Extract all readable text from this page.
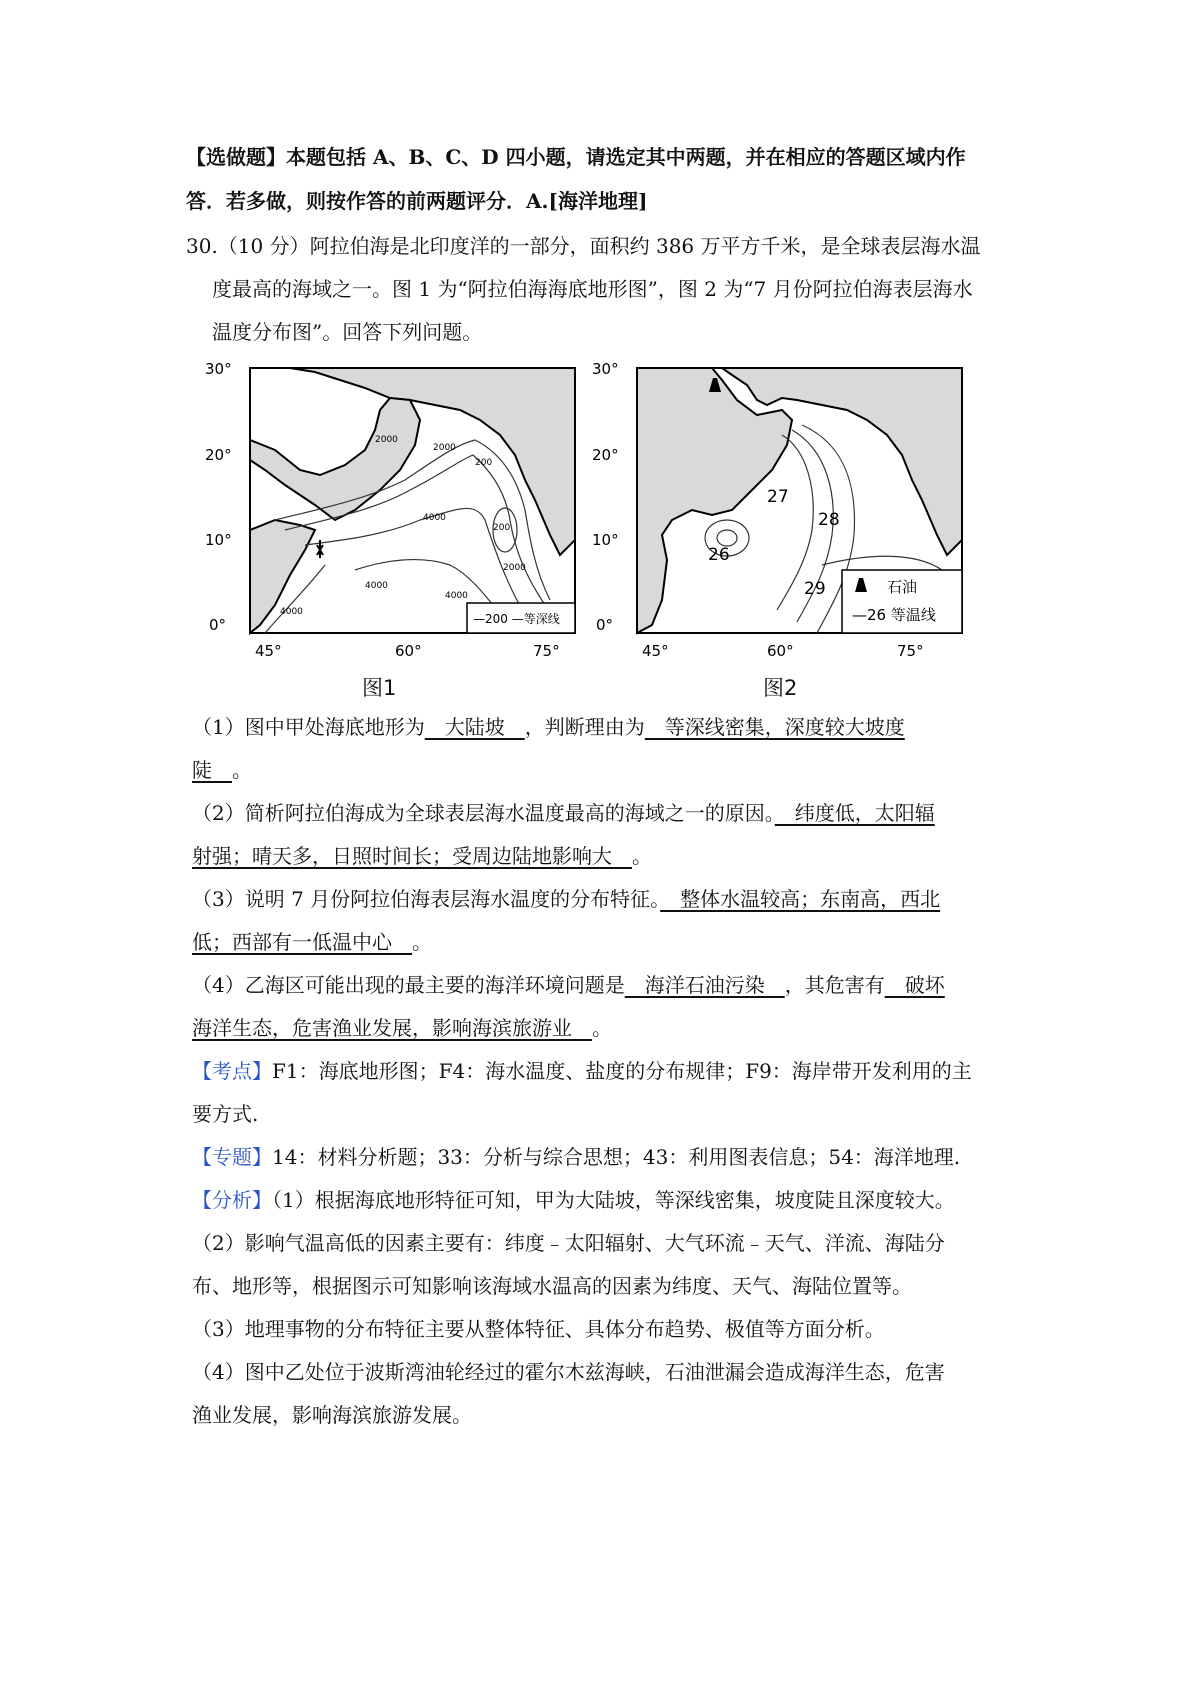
【选做题】本题包括 A、B、C、D 四小题，请选定其中两题，并在相应的答题区域内作
答．若多做，则按作答的前两题评分．A.[海洋地理]
30.（10 分）阿拉伯海是北印度洋的一部分，面积约 386 万平方千米，是全球表层海水温
度最高的海域之一。图 1 为“阿拉伯海海底地形图”，图 2 为“7 月份阿拉伯海表层海水
温度分布图”。回答下列问题。
2000
2000
200
4000
200
2000
4000
4000
4000	—200 —等深线
30°
20°
10°
0°
45°	60°	75°
图1
27
28
26
29	石油
—26 等温线
30°
20°
10°
0°
45°	60°	75°
图2
（1）图中甲处海底地形为　大陆坡　，判断理由为　等深线密集，深度较大坡度
陡　。
（2）简析阿拉伯海成为全球表层海水温度最高的海域之一的原因。　纬度低，太阳辐
射强；晴天多，日照时间长；受周边陆地影响大　。
（3）说明 7 月份阿拉伯海表层海水温度的分布特征。　整体水温较高；东南高，西北
低；西部有一低温中心　。
（4）乙海区可能出现的最主要的海洋环境问题是　海洋石油污染　，其危害有　破坏
海洋生态，危害渔业发展，影响海滨旅游业　。
【考点】F1：海底地形图；F4：海水温度、盐度的分布规律；F9：海岸带开发利用的主
要方式.
【专题】14：材料分析题；33：分析与综合思想；43：利用图表信息；54：海洋地理.
【分析】（1）根据海底地形特征可知，甲为大陆坡，等深线密集，坡度陡且深度较大。
（2）影响气温高低的因素主要有：纬度﹣太阳辐射、大气环流﹣天气、洋流、海陆分
布、地形等，根据图示可知影响该海域水温高的因素为纬度、天气、海陆位置等。
（3）地理事物的分布特征主要从整体特征、具体分布趋势、极值等方面分析。
（4）图中乙处位于波斯湾油轮经过的霍尔木兹海峡，石油泄漏会造成海洋生态，危害
渔业发展，影响海滨旅游发展。
